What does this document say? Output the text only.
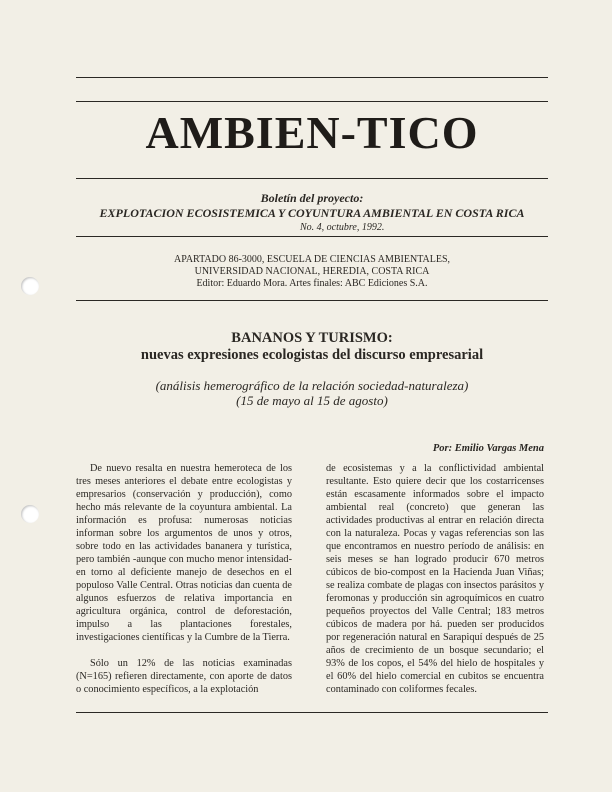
AMBIEN-TICO
Boletín del proyecto:
EXPLOTACION ECOSISTEMICA Y COYUNTURA AMBIENTAL EN COSTA RICA
No. 4, octubre, 1992.
APARTADO 86-3000, ESCUELA DE CIENCIAS AMBIENTALES,
UNIVERSIDAD NACIONAL, HEREDIA, COSTA RICA
Editor: Eduardo Mora. Artes finales: ABC Ediciones S.A.
BANANOS Y TURISMO:
nuevas expresiones ecologistas del discurso empresarial
(análisis hemerográfico de la relación sociedad-naturaleza)
(15 de mayo al 15 de agosto)
Por: Emilio Vargas Mena

De nuevo resalta en nuestra hemeroteca de los tres meses anteriores el debate entre ecologistas y empresarios (conservación y producción), como hecho más relevante de la coyuntura ambiental. La información es profusa: numerosas noticias informan sobre los argumentos de unos y otros, sobre todo en las actividades bananera y turística, pero también -aunque con mucho menor intensidad- en torno al deficiente manejo de desechos en el populoso Valle Central. Otras noticias dan cuenta de algunos esfuerzos de relativa importancia en agricultura orgánica, control de deforestación, impulso a las plantaciones forestales, investigaciones científicas y la Cumbre de la Tierra.

Sólo un 12% de las noticias examinadas (N=165) refieren directamente, con aporte de datos o conocimiento específicos, a la explotación

de ecosistemas y a la conflictividad ambiental resultante. Esto quiere decir que los costarricenses están escasamente informados sobre el impacto ambiental real (concreto) que generan las actividades productivas al entrar en relación directa con la naturaleza. Pocas y vagas referencias son las que encontramos en nuestro período de análisis: en seis meses se han logrado producir 670 metros cúbicos de bio-compost en la Hacienda Juan Viñas; se realiza combate de plagas con insectos parásitos y feromonas y producción sin agroquímicos en cuatro pequeños proyectos del Valle Central; 183 metros cúbicos de madera por há. pueden ser producidos por regeneración natural en Sarapiquí después de 25 años de crecimiento de un bosque secundario; el 93% de los copos, el 54% del hielo de hospitales y el 60% del hielo comercial en cubitos se encuentra contaminado con coliformes fecales.
